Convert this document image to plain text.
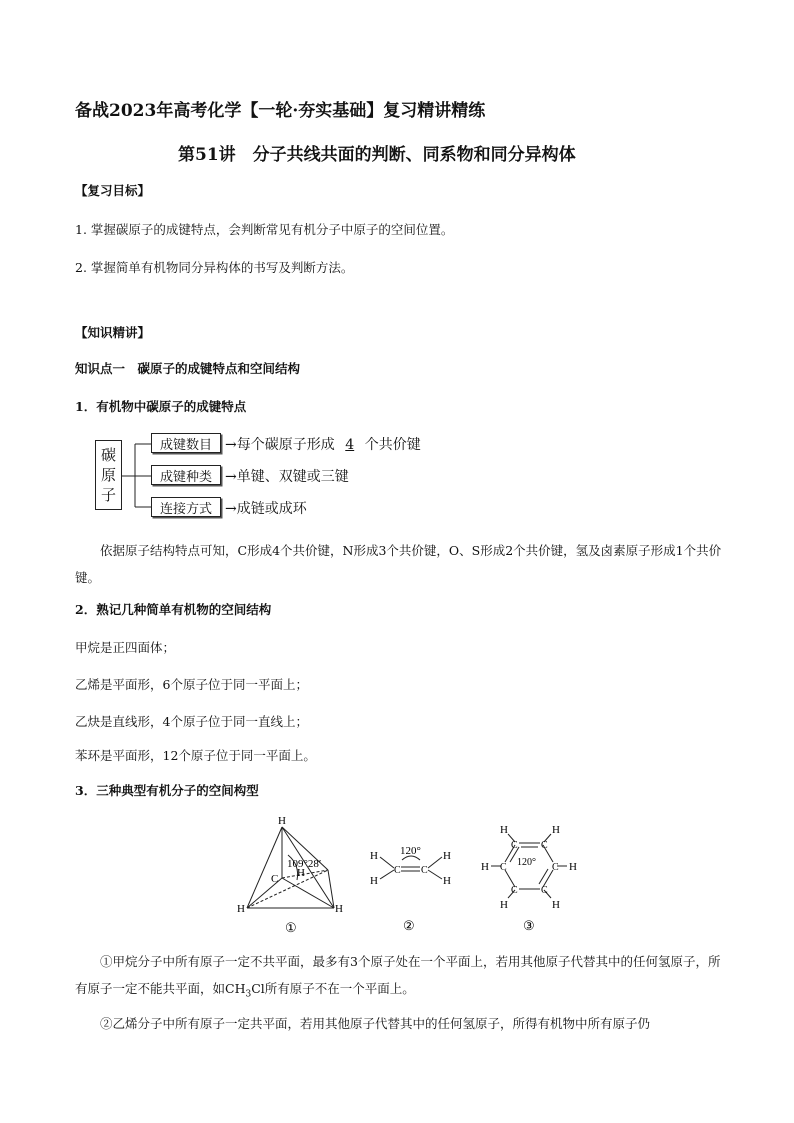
备战2023年高考化学【一轮·夯实基础】复习精讲精练
第51讲　分子共线共面的判断、同系物和同分异构体
【复习目标】
1. 掌握碳原子的成键特点，会判断常见有机分子中原子的空间位置。
2. 掌握简单有机物同分异构体的书写及判断方法。
【知识精讲】
知识点一　碳原子的成键特点和空间结构
1．有机物中碳原子的成键特点
碳
原
子
成键数目 →每个碳原子形成 4 个共价键
成键种类 →单键、双键或三键
连接方式 →成链或成环
依据原子结构特点可知，C形成4个共价键，N形成3个共价键，O、S形成2个共价键，氢及卤素原子形成1个共价键。
2．熟记几种简单有机物的空间结构
甲烷是正四面体；
乙烯是平面形，6个原子位于同一平面上；
乙炔是直线形，4个原子位于同一直线上；
苯环是平面形，12个原子位于同一平面上。
3．三种典型有机分子的空间构型
H
C H
H	H
109°28′
①
H
H
C C
H
H
120°
②
C C
C
C
C
C
H	H
H
H
H
H	120°
③
①甲烷分子中所有原子一定不共平面，最多有3个原子处在一个平面上，若用其他原子代替其中的任何氢原子，所有原子一定不能共平面，如$CH_3Cl$所有原子不在一个平面上。
②乙烯分子中所有原子一定共平面，若用其他原子代替其中的任何氢原子，所得有机物中所有原子仍
